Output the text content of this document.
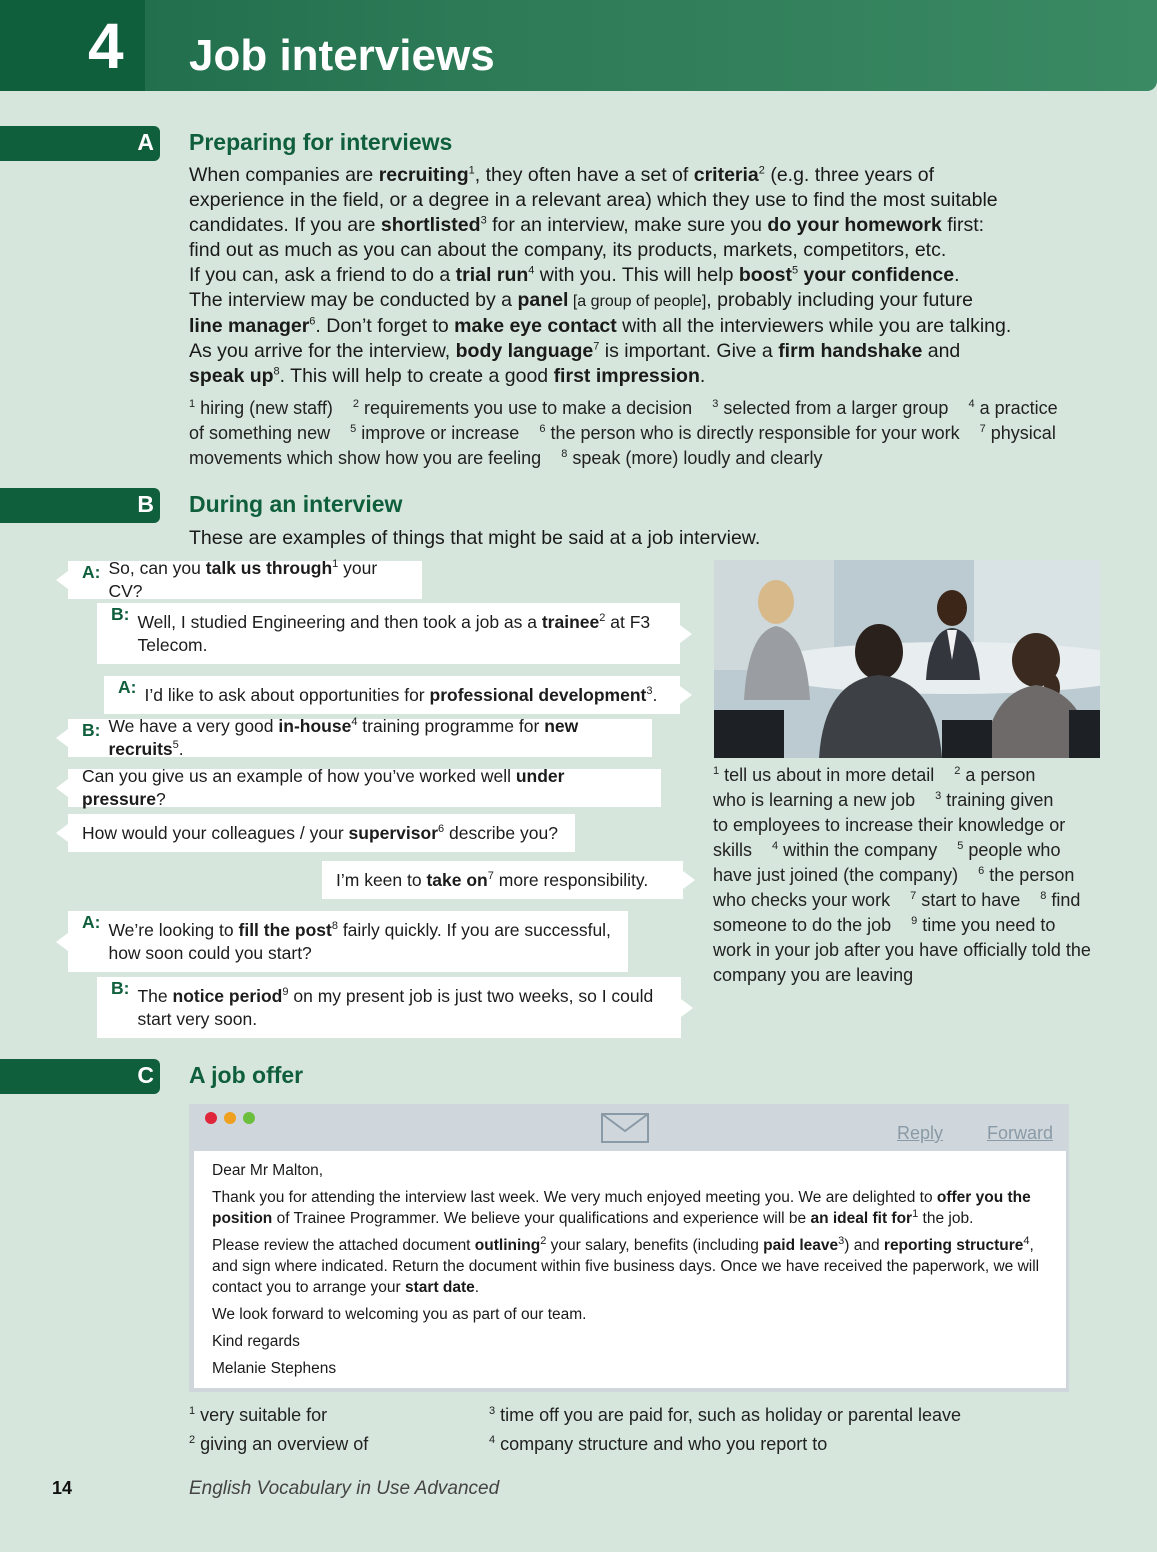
4 Job interviews
A Preparing for interviews

When companies are recruiting$^1$, they often have a set of criteria$^2$ (e.g. three years of

experience in the field, or a degree in a relevant area) which they use to find the most suitable

candidates. If you are shortlisted$^3$ for an interview, make sure you do your homework first:

find out as much as you can about the company, its products, markets, competitors, etc.

If you can, ask a friend to do a trial run$^4$ with you. This will help boost$^5$ your confidence.

The interview may be conducted by a panel [a group of people], probably including your future

line manager$^6$. Don’t forget to make eye contact with all the interviewers while you are talking.

As you arrive for the interview, body language$^7$ is important. Give a firm handshake and

speak $up^8$. This will help to create a good first impression.

$^1$ hiring (new staff) $^2$ requirements you use to make a decision $^3$ selected from a larger group $^4$ a practice
of something new $^5$ improve or increase $^6$ the person who is directly responsible for your work $^7$ physical
movements which show how you are feeling $^8$ speak (more) loudly and clearly
B During an interview
These are examples of things that might be said at a job interview.
A: So, can you talk us through$^1$ your CV?
B: Well, I studied Engineering and then took a job as a trainee$^2$ at F3
Telecom.
A: I’d like to ask about opportunities for professional development$^3$.
B: We have a very good in-house$^4$ training programme for new recruits$^5$.
Can you give us an example of how you’ve worked well under pressure?
How would your colleagues / your supervisor$^6$ describe you?
I’m keen to take $on^7$ more responsibility.
A: We’re looking to fill the post$^8$ fairly quickly. If you are successful,
how soon could you start?
B: The notice period$^9$ on my present job is just two weeks, so I could
start very soon.
$^1$ tell us about in more detail $^2$ a person
who is learning a new job $^3$ training given
to employees to increase their knowledge or
skills $^4$ within the company $^5$ people who
have just joined (the company) $^6$ the person
who checks your work $^7$ start to have $^8$ find
someone to do the job $^9$ time you need to
work in your job after you have officially told the
company you are leaving
C A job offer
Reply Forward

Dear Mr Malton,

Thank you for attending the interview last week. We very much enjoyed meeting you. We are delighted to offer you the position of Trainee Programmer. We believe your qualifications and experience will be an ideal fit for$^1$ the job.

Please review the attached document outlining$^2$ your salary, benefits (including paid leave$^3$) and reporting structure$^4$, and sign where indicated. Return the document within five business days. Once we have received the paperwork, we will contact you to arrange your start date.

We look forward to welcoming you as part of our team.

Kind regards

Melanie Stephens

$^1$ very suitable for
$^2$ giving an overview of
$^3$ time off you are paid for, such as holiday or parental leave
$^4$ company structure and who you report to
14	English Vocabulary in Use Advanced
